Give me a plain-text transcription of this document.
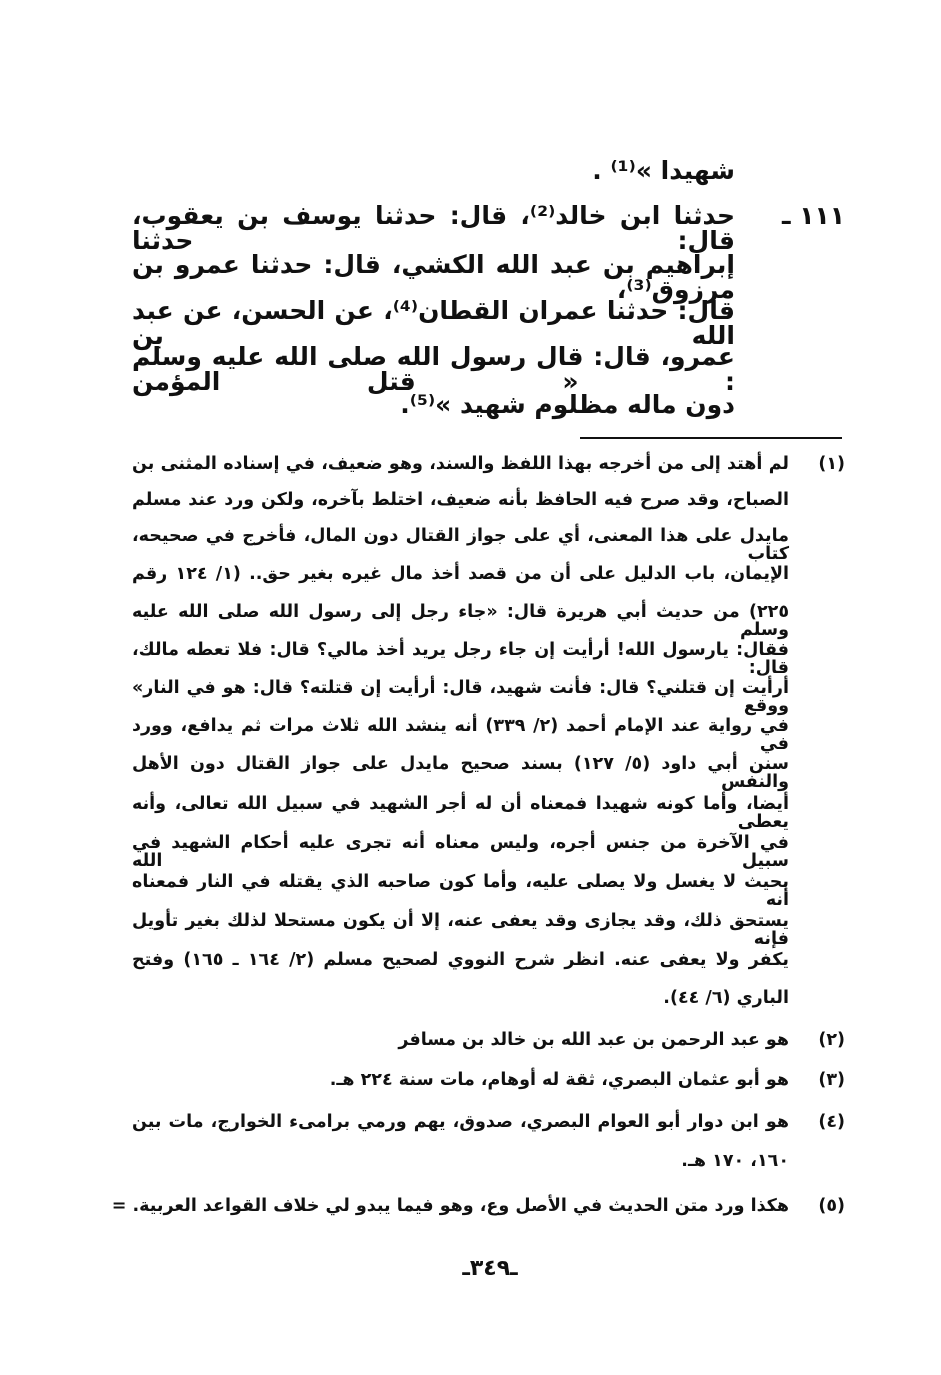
شهيدا »⁽¹⁾ .
١١١ ـ
حدثنا ابن خالد⁽²⁾، قال: حدثنا يوسف بن يعقوب، قال: حدثنا
إبراهيم بن عبد الله الكشي، قال: حدثنا عمرو بن مرزوق⁽³⁾،
قال: حدثنا عمران القطان⁽⁴⁾، عن الحسن، عن عبد الله بن
عمرو، قال: قال رسول الله صلى الله عليه وسلم : « قتل المؤمن
دون ماله مظلوم شهيد »⁽⁵⁾.
(١)
لم أهتد إلى من أخرجه بهذا اللفظ والسند، وهو ضعيف، في إسناده المثنى بن
الصباح، وقد صرح فيه الحافظ بأنه ضعيف، اختلط بآخره، ولكن ورد عند مسلم
مايدل على هذا المعنى، أي على جواز القتال دون المال، فأخرج في صحيحه، كتاب
الإيمان، باب الدليل على أن من قصد أخذ مال غيره بغير حق.. (١/ ١٢٤ رقم
٢٢٥) من حديث أبي هريرة قال: «جاء رجل إلى رسول الله صلى الله عليه وسلم
فقال: يارسول الله! أرأيت إن جاء رجل يريد أخذ مالي؟ قال: فلا تعطه مالك، قال:
أرأيت إن قتلني؟ قال: فأنت شهيد، قال: أرأيت إن قتلته؟ قال: هو في النار» ووقع
في رواية عند الإمام أحمد (٢/ ٣٣٩) أنه ينشد الله ثلاث مرات ثم يدافع، وورد في
سنن أبي داود (٥/ ١٢٧) بسند صحيح مايدل على جواز القتال دون الأهل والنفس
أيضا، وأما كونه شهيدا فمعناه أن له أجر الشهيد في سبيل الله تعالى، وأنه يعطى
في الآخرة من جنس أجره، وليس معناه أنه تجرى عليه أحكام الشهيد في سبيل الله
بحيث لا يغسل ولا يصلى عليه، وأما كون صاحبه الذي يقتله في النار فمعناه أنه
يستحق ذلك، وقد يجازى وقد يعفى عنه، إلا أن يكون مستحلا لذلك بغير تأويل فإنه
يكفر ولا يعفى عنه. انظر شرح النووي لصحيح مسلم (٢/ ١٦٤ ـ ١٦٥) وفتح
الباري (٦/ ٤٤).
(٢)
هو عبد الرحمن بن عبد الله بن خالد بن مسافر
(٣)
هو أبو عثمان البصري، ثقة له أوهام، مات سنة ٢٢٤ هـ.
(٤)
هو ابن دوار أبو العوام البصري، صدوق، يهم ورمي برامىء الخوارج، مات بين
١٦٠، ١٧٠ هـ.
(٥)
هكذا ورد متن الحديث في الأصل وع، وهو فيما يبدو لي خلاف القواعد العربية. =
ـ٣٤٩ـ
